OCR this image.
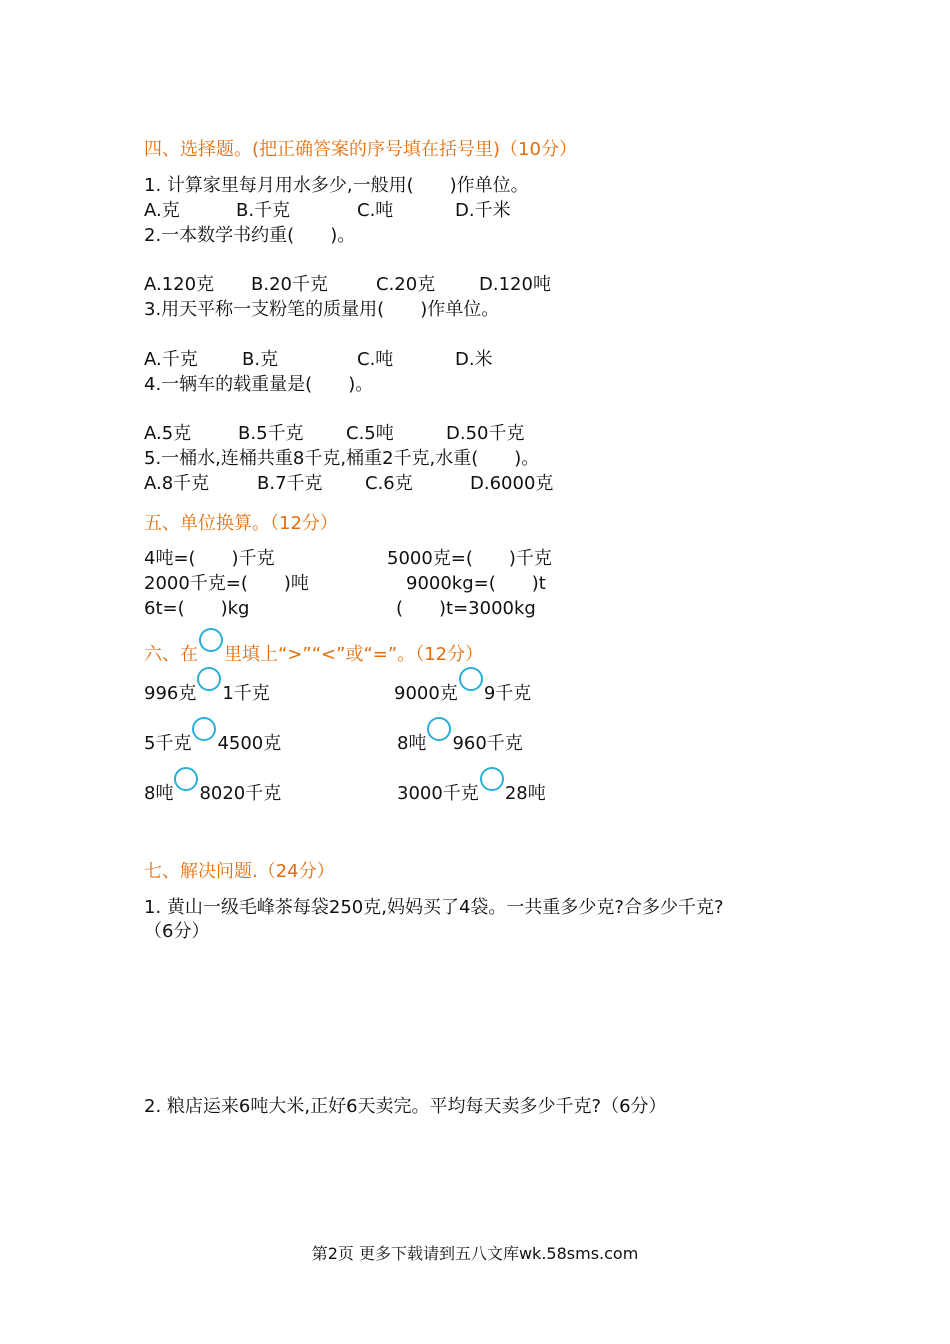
四、选择题。(把正确答案的序号填在括号里)（10分）
1. 计算家里每月用水多少,一般用(　　)作单位。
A.克	B.千克	C.吨	D.千米
2.一本数学书约重(　　)。
A.120克 B.20千克	C.20克 D.120吨
3.用天平称一支粉笔的质量用(　　)作单位。
A.千克 B.克	C.吨	D.米
4.一辆车的载重量是(　　)。
A.5克	B.5千克 C.5吨	D.50千克
5.一桶水,连桶共重8千克,桶重2千克,水重(　　)。
A.8千克	B.7千克 C.6克	D.6000克
五、单位换算。（12分）
4吨=(　　)千克	5000克=(　　)千克
2000千克=(　　)吨	9000kg=(　　)t
6t=(　　)kg	(　　)t=3000kg
六、在 里填上“>”“<”或“=”。（12分）
996克 1千克	9000克 9千克
5千克 4500克	8吨 960千克
8吨 8020千克	3000千克 28吨
七、解决问题.（24分）
1. 黄山一级毛峰茶每袋250克,妈妈买了4袋。一共重多少克?合多少千克?
（6分）
2. 粮店运来6吨大米,正好6天卖完。平均每天卖多少千克?（6分）
第2页 更多下载请到五八文库wk.58sms.com
